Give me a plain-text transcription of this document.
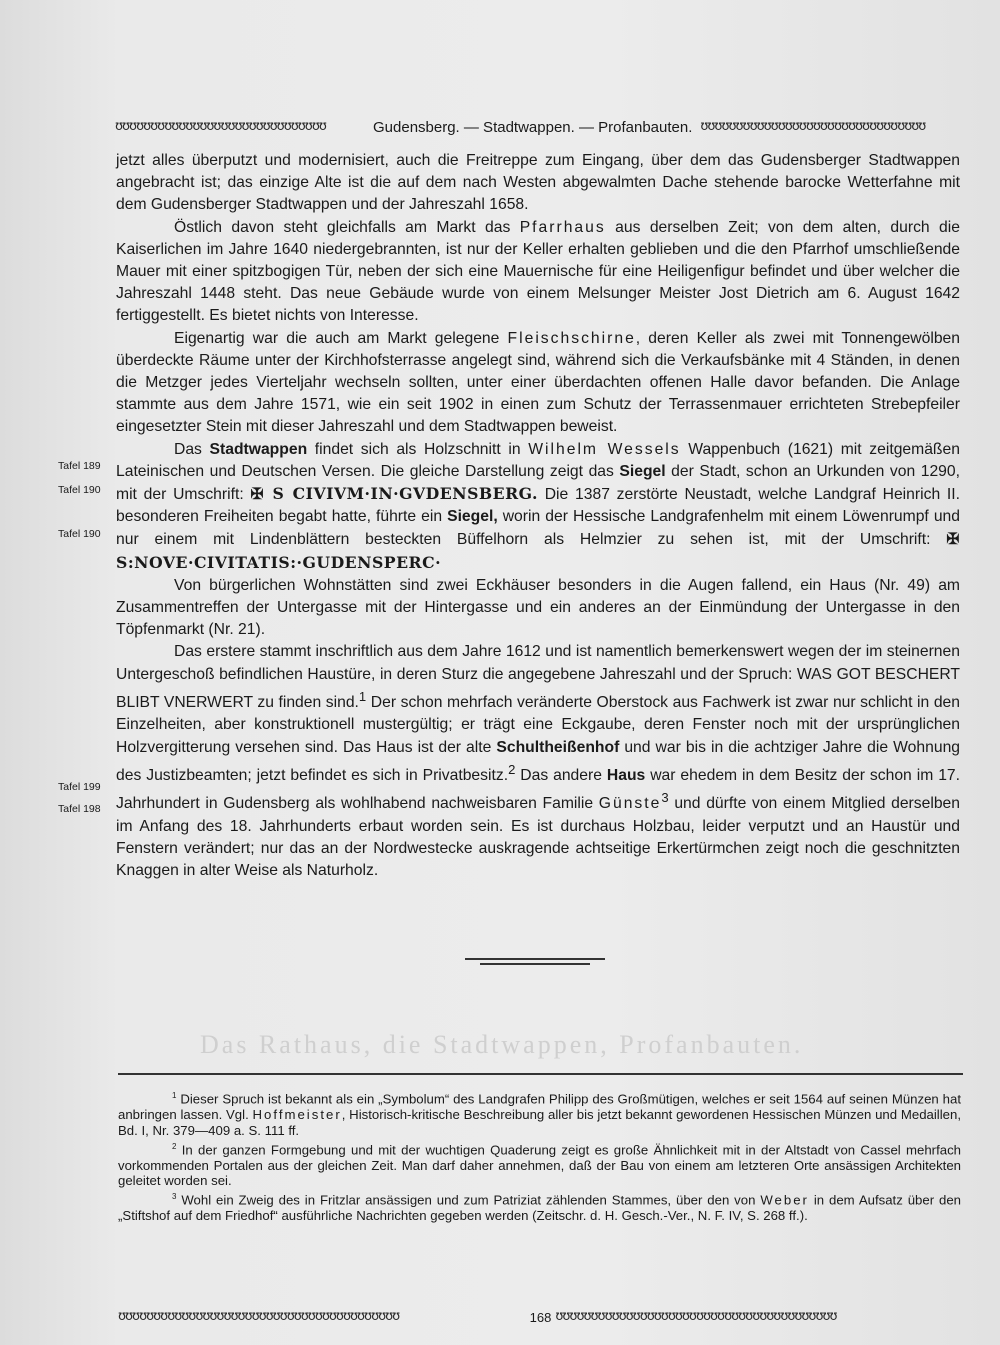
ʊʊʊʊʊʊʊʊʊʊʊʊʊʊʊʊʊʊʊʊʊʊʊʊʊʊʊʊʊʊ	Gudensberg. — Stadtwappen. — Profanbauten. ʊʊʊʊʊʊʊʊʊʊʊʊʊʊʊʊʊʊʊʊʊʊʊʊʊʊʊʊʊʊʊʊ

jetzt alles überputzt und modernisiert, auch die Freitreppe zum Eingang, über dem das Gudensberger Stadtwappen angebracht ist; das einzige Alte ist die auf dem nach Westen abgewalmten Dache stehende barocke Wetterfahne mit dem Gudensberger Stadtwappen und der Jahreszahl 1658.

Östlich davon steht gleichfalls am Markt das Pfarrhaus aus derselben Zeit; von dem alten, durch die Kaiserlichen im Jahre 1640 niedergebrannten, ist nur der Keller erhalten geblieben und die den Pfarrhof umschließende Mauer mit einer spitzbogigen Tür, neben der sich eine Mauernische für eine Heiligenfigur befindet und über welcher die Jahreszahl 1448 steht. Das neue Gebäude wurde von einem Melsunger Meister Jost Dietrich am 6. August 1642 fertiggestellt. Es bietet nichts von Interesse.

Eigenartig war die auch am Markt gelegene Fleischschirne, deren Keller als zwei mit Tonnengewölben überdeckte Räume unter der Kirchhofsterrasse angelegt sind, während sich die Verkaufsbänke mit 4 Ständen, in denen die Metzger jedes Vierteljahr wechseln sollten, unter einer überdachten offenen Halle davor befanden. Die Anlage stammte aus dem Jahre 1571, wie ein seit 1902 in einen zum Schutz der Terrassenmauer errichteten Strebepfeiler eingesetzter Stein mit dieser Jahreszahl und dem Stadtwappen beweist.

Das Stadtwappen findet sich als Holzschnitt in Wilhelm Wessels Wappenbuch (1621) mit zeitgemäßen Lateinischen und Deutschen Versen. Die gleiche Darstellung zeigt das Siegel der Stadt, schon an Urkunden von 1290, mit der Umschrift: ✠ S CIVIVM·IN·GVDENSBERG. Die 1387 zerstörte Neustadt, welche Landgraf Heinrich II. besonderen Freiheiten begabt hatte, führte ein Siegel, worin der Hessische Landgrafenhelm mit einem Löwenrumpf und nur einem mit Lindenblättern besteckten Büffelhorn als Helmzier zu sehen ist, mit der Umschrift: ✠ S:NOVE·CIVITATIS:·GUDENSPERC·

Von bürgerlichen Wohnstätten sind zwei Eckhäuser besonders in die Augen fallend, ein Haus (Nr. 49) am Zusammentreffen der Untergasse mit der Hintergasse und ein anderes an der Einmündung der Untergasse in den Töpfenmarkt (Nr. 21).

Das erstere stammt inschriftlich aus dem Jahre 1612 und ist namentlich bemerkenswert wegen der im steinernen Untergeschoß befindlichen Haustüre, in deren Sturz die angegebene Jahreszahl und der Spruch: WAS GOT BESCHERT BLIBT VNERWERT zu finden sind.$^1$ Der schon mehrfach veränderte Oberstock aus Fachwerk ist zwar nur schlicht in den Einzelheiten, aber konstruktionell mustergültig; er trägt eine Eckgaube, deren Fenster noch mit der ursprünglichen Holzvergitterung versehen sind. Das Haus ist der alte Schultheißenhof und war bis in die achtziger Jahre die Wohnung des Justizbeamten; jetzt befindet es sich in Privatbesitz.$^2$ Das andere Haus war ehedem in dem Besitz der schon im 17. Jahrhundert in Gudensberg als wohlhabend nachweisbaren Familie Günste$^3$ und dürfte von einem Mitglied derselben im Anfang des 18. Jahrhunderts erbaut worden sein. Es ist durchaus Holzbau, leider verputzt und an Haustür und Fenstern verändert; nur das an der Nordwestecke auskragende achtseitige Erkertürmchen zeigt noch die geschnitzten Knaggen in alter Weise als Naturholz.

Tafel 189
Tafel 190
Tafel 190
Tafel 199
Tafel 198
Das Rathaus, die Stadtwappen, Profanbauten.

$^1$ Dieser Spruch ist bekannt als ein „Symbolum“ des Landgrafen Philipp des Großmütigen, welches er seit 1564 auf seinen Münzen hat anbringen lassen. Vgl. Hoffmeister, Historisch-kritische Beschreibung aller bis jetzt bekannt gewordenen Hessischen Münzen und Medaillen, Bd. I, Nr. 379—409 a. S. 111 ff.

$^2$ In der ganzen Formgebung und mit der wuchtigen Quaderung zeigt es große Ähnlichkeit mit in der Altstadt von Cassel mehrfach vorkommenden Portalen aus der gleichen Zeit. Man darf daher annehmen, daß der Bau von einem am letzteren Orte ansässigen Architekten geleitet worden sei.

$^3$ Wohl ein Zweig des in Fritzlar ansässigen und zum Patriziat zählenden Stammes, über den von Weber in dem Aufsatz über den „Stiftshof auf dem Friedhof“ ausführliche Nachrichten gegeben werden (Zeitschr. d. H. Gesch.-Ver., N. F. IV, S. 268 ff.).

ʊʊʊʊʊʊʊʊʊʊʊʊʊʊʊʊʊʊʊʊʊʊʊʊʊʊʊʊʊʊʊʊʊʊʊʊʊʊʊʊ	168 ʊʊʊʊʊʊʊʊʊʊʊʊʊʊʊʊʊʊʊʊʊʊʊʊʊʊʊʊʊʊʊʊʊʊʊʊʊʊʊʊ
